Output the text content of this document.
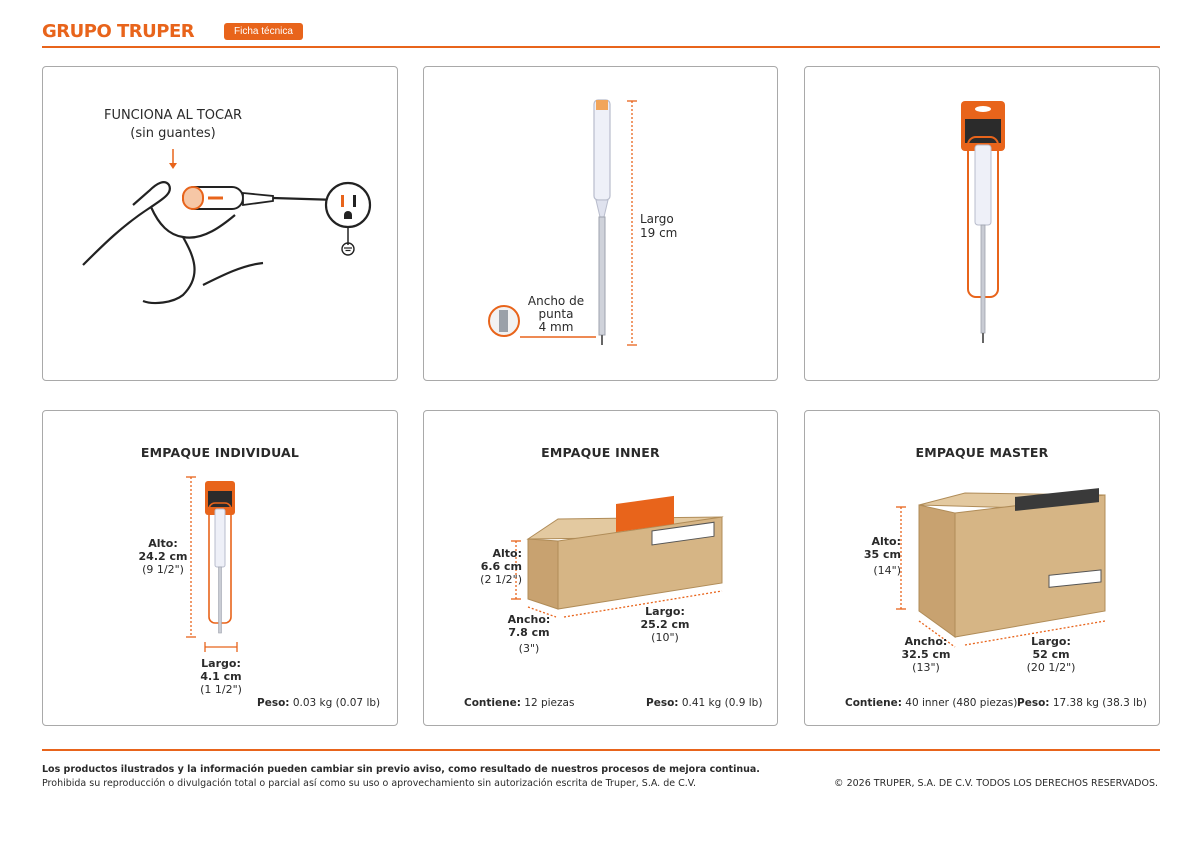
GRUPO TRUPER	Ficha técnica
FUNCIONA AL TOCAR
(sin guantes)
Largo
19 cm
Ancho de
punta
4 mm
EMPAQUE INDIVIDUAL
Alto:
24.2 cm
(9 1/2")
Largo:
4.1 cm
(1 1/2")
Peso: 0.03 kg (0.07 lb)
EMPAQUE INNER
Alto:
6.6 cm
(2 1/2")
Ancho:
7.8 cm
(3")
Largo:
25.2 cm
(10")
Contiene: 12 piezas	Peso: 0.41 kg (0.9 lb)
EMPAQUE MASTER
Alto:
35 cm
(14")
Ancho:
32.5 cm
(13")
Largo:
52 cm
(20 1/2")
Contiene: 40 inner (480 piezas) Peso: 17.38 kg (38.3 lb)
Los productos ilustrados y la información pueden cambiar sin previo aviso, como resultado de nuestros procesos de mejora continua.
Prohibida su reproducción o divulgación total o parcial así como su uso o aprovechamiento sin autorización escrita de Truper, S.A. de C.V.	© 2026 TRUPER, S.A. DE C.V. TODOS LOS DERECHOS RESERVADOS.
